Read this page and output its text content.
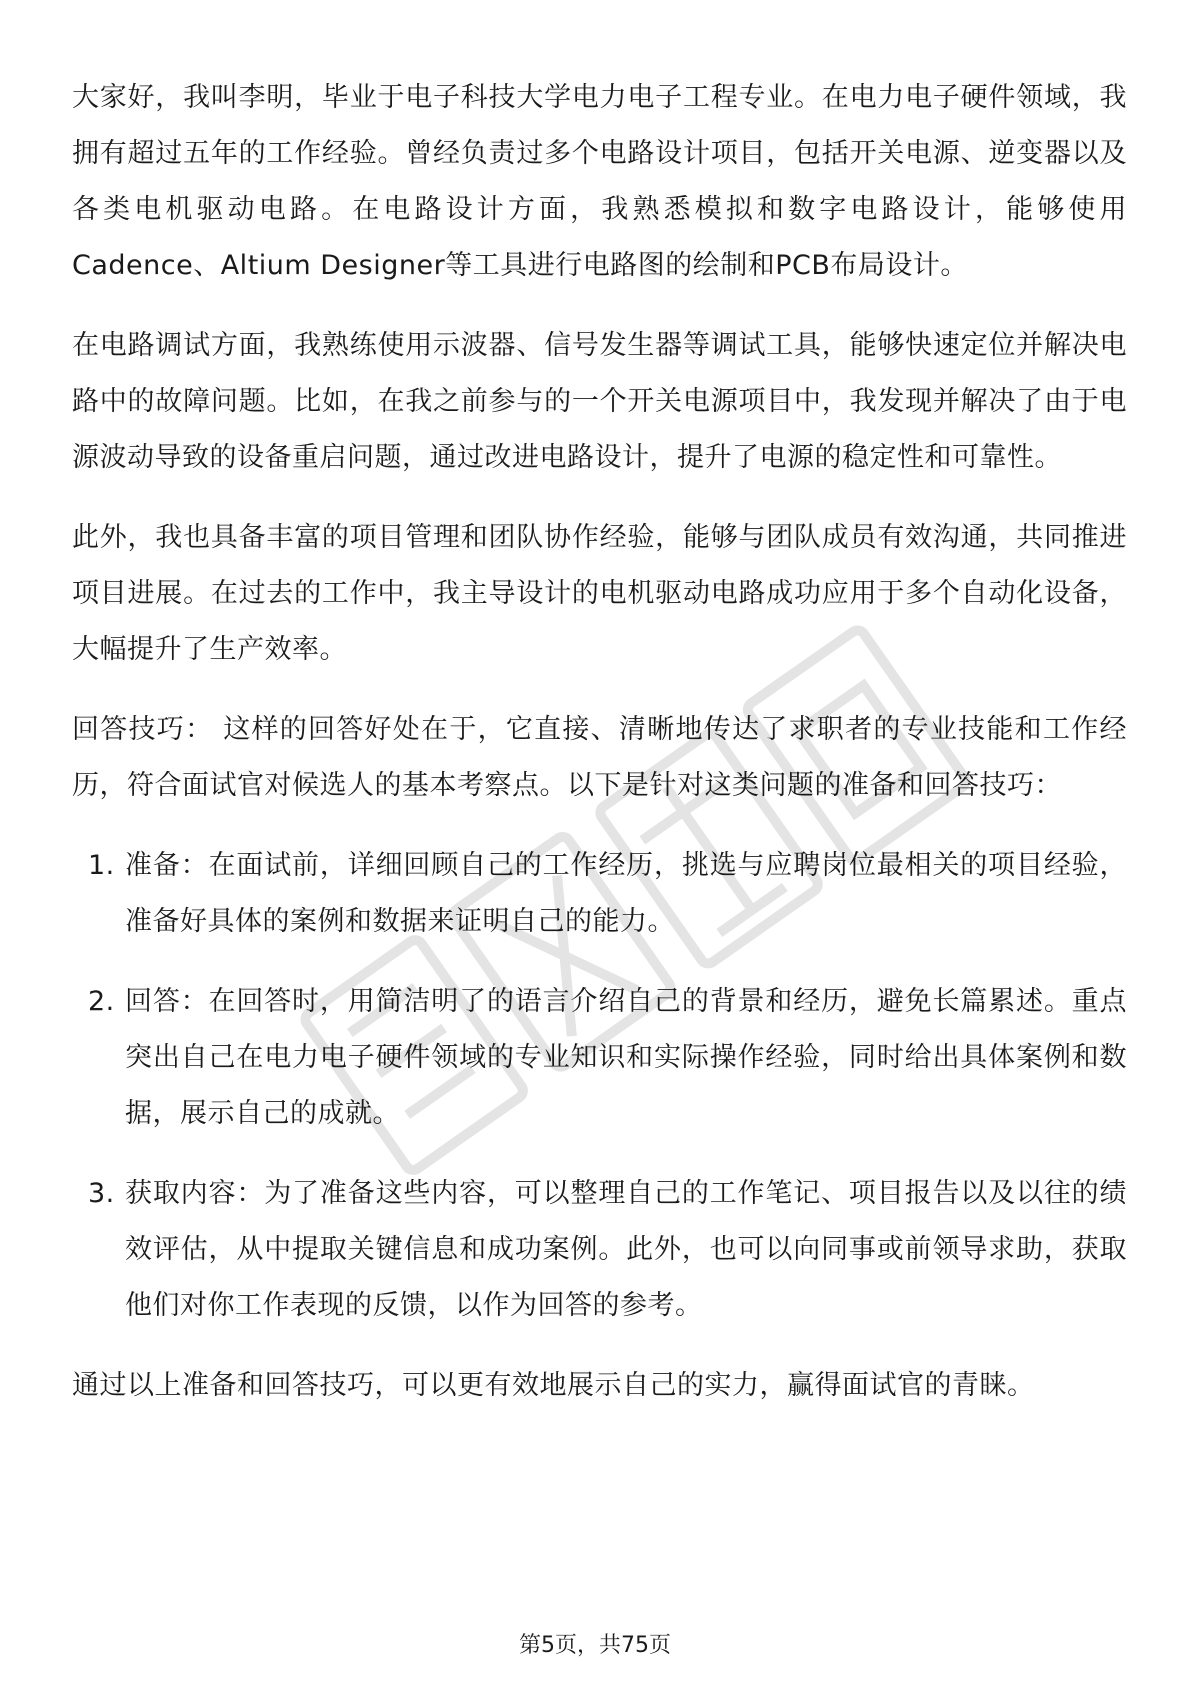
大家好，我叫李明，毕业于电子科技大学电力电子工程专业。在电力电子硬件领域，我拥有超过五年的工作经验。曾经负责过多个电路设计项目，包括开关电源、逆变器以及各类电机驱动电路。在电路设计方面，我熟悉模拟和数字电路设计，能够使用Cadence、Altium Designer等工具进行电路图的绘制和PCB布局设计。

在电路调试方面，我熟练使用示波器、信号发生器等调试工具，能够快速定位并解决电路中的故障问题。比如，在我之前参与的一个开关电源项目中，我发现并解决了由于电源波动导致的设备重启问题，通过改进电路设计，提升了电源的稳定性和可靠性。

此外，我也具备丰富的项目管理和团队协作经验，能够与团队成员有效沟通，共同推进项目进展。在过去的工作中，我主导设计的电机驱动电路成功应用于多个自动化设备，大幅提升了生产效率。

回答技巧： 这样的回答好处在于，它直接、清晰地传达了求职者的专业技能和工作经历，符合面试官对候选人的基本考察点。以下是针对这类问题的准备和回答技巧：

1. 准备：在面试前，详细回顾自己的工作经历，挑选与应聘岗位最相关的项目经验，准备好具体的案例和数据来证明自己的能力。
2. 回答：在回答时，用简洁明了的语言介绍自己的背景和经历，避免长篇累述。重点突出自己在电力电子硬件领域的专业知识和实际操作经验，同时给出具体案例和数据，展示自己的成就。
3. 获取内容：为了准备这些内容，可以整理自己的工作笔记、项目报告以及以往的绩效评估，从中提取关键信息和成功案例。此外，也可以向同事或前领导求助，获取他们对你工作表现的反馈，以作为回答的参考。

通过以上准备和回答技巧，可以更有效地展示自己的实力，赢得面试官的青睐。

第5页，共75页
